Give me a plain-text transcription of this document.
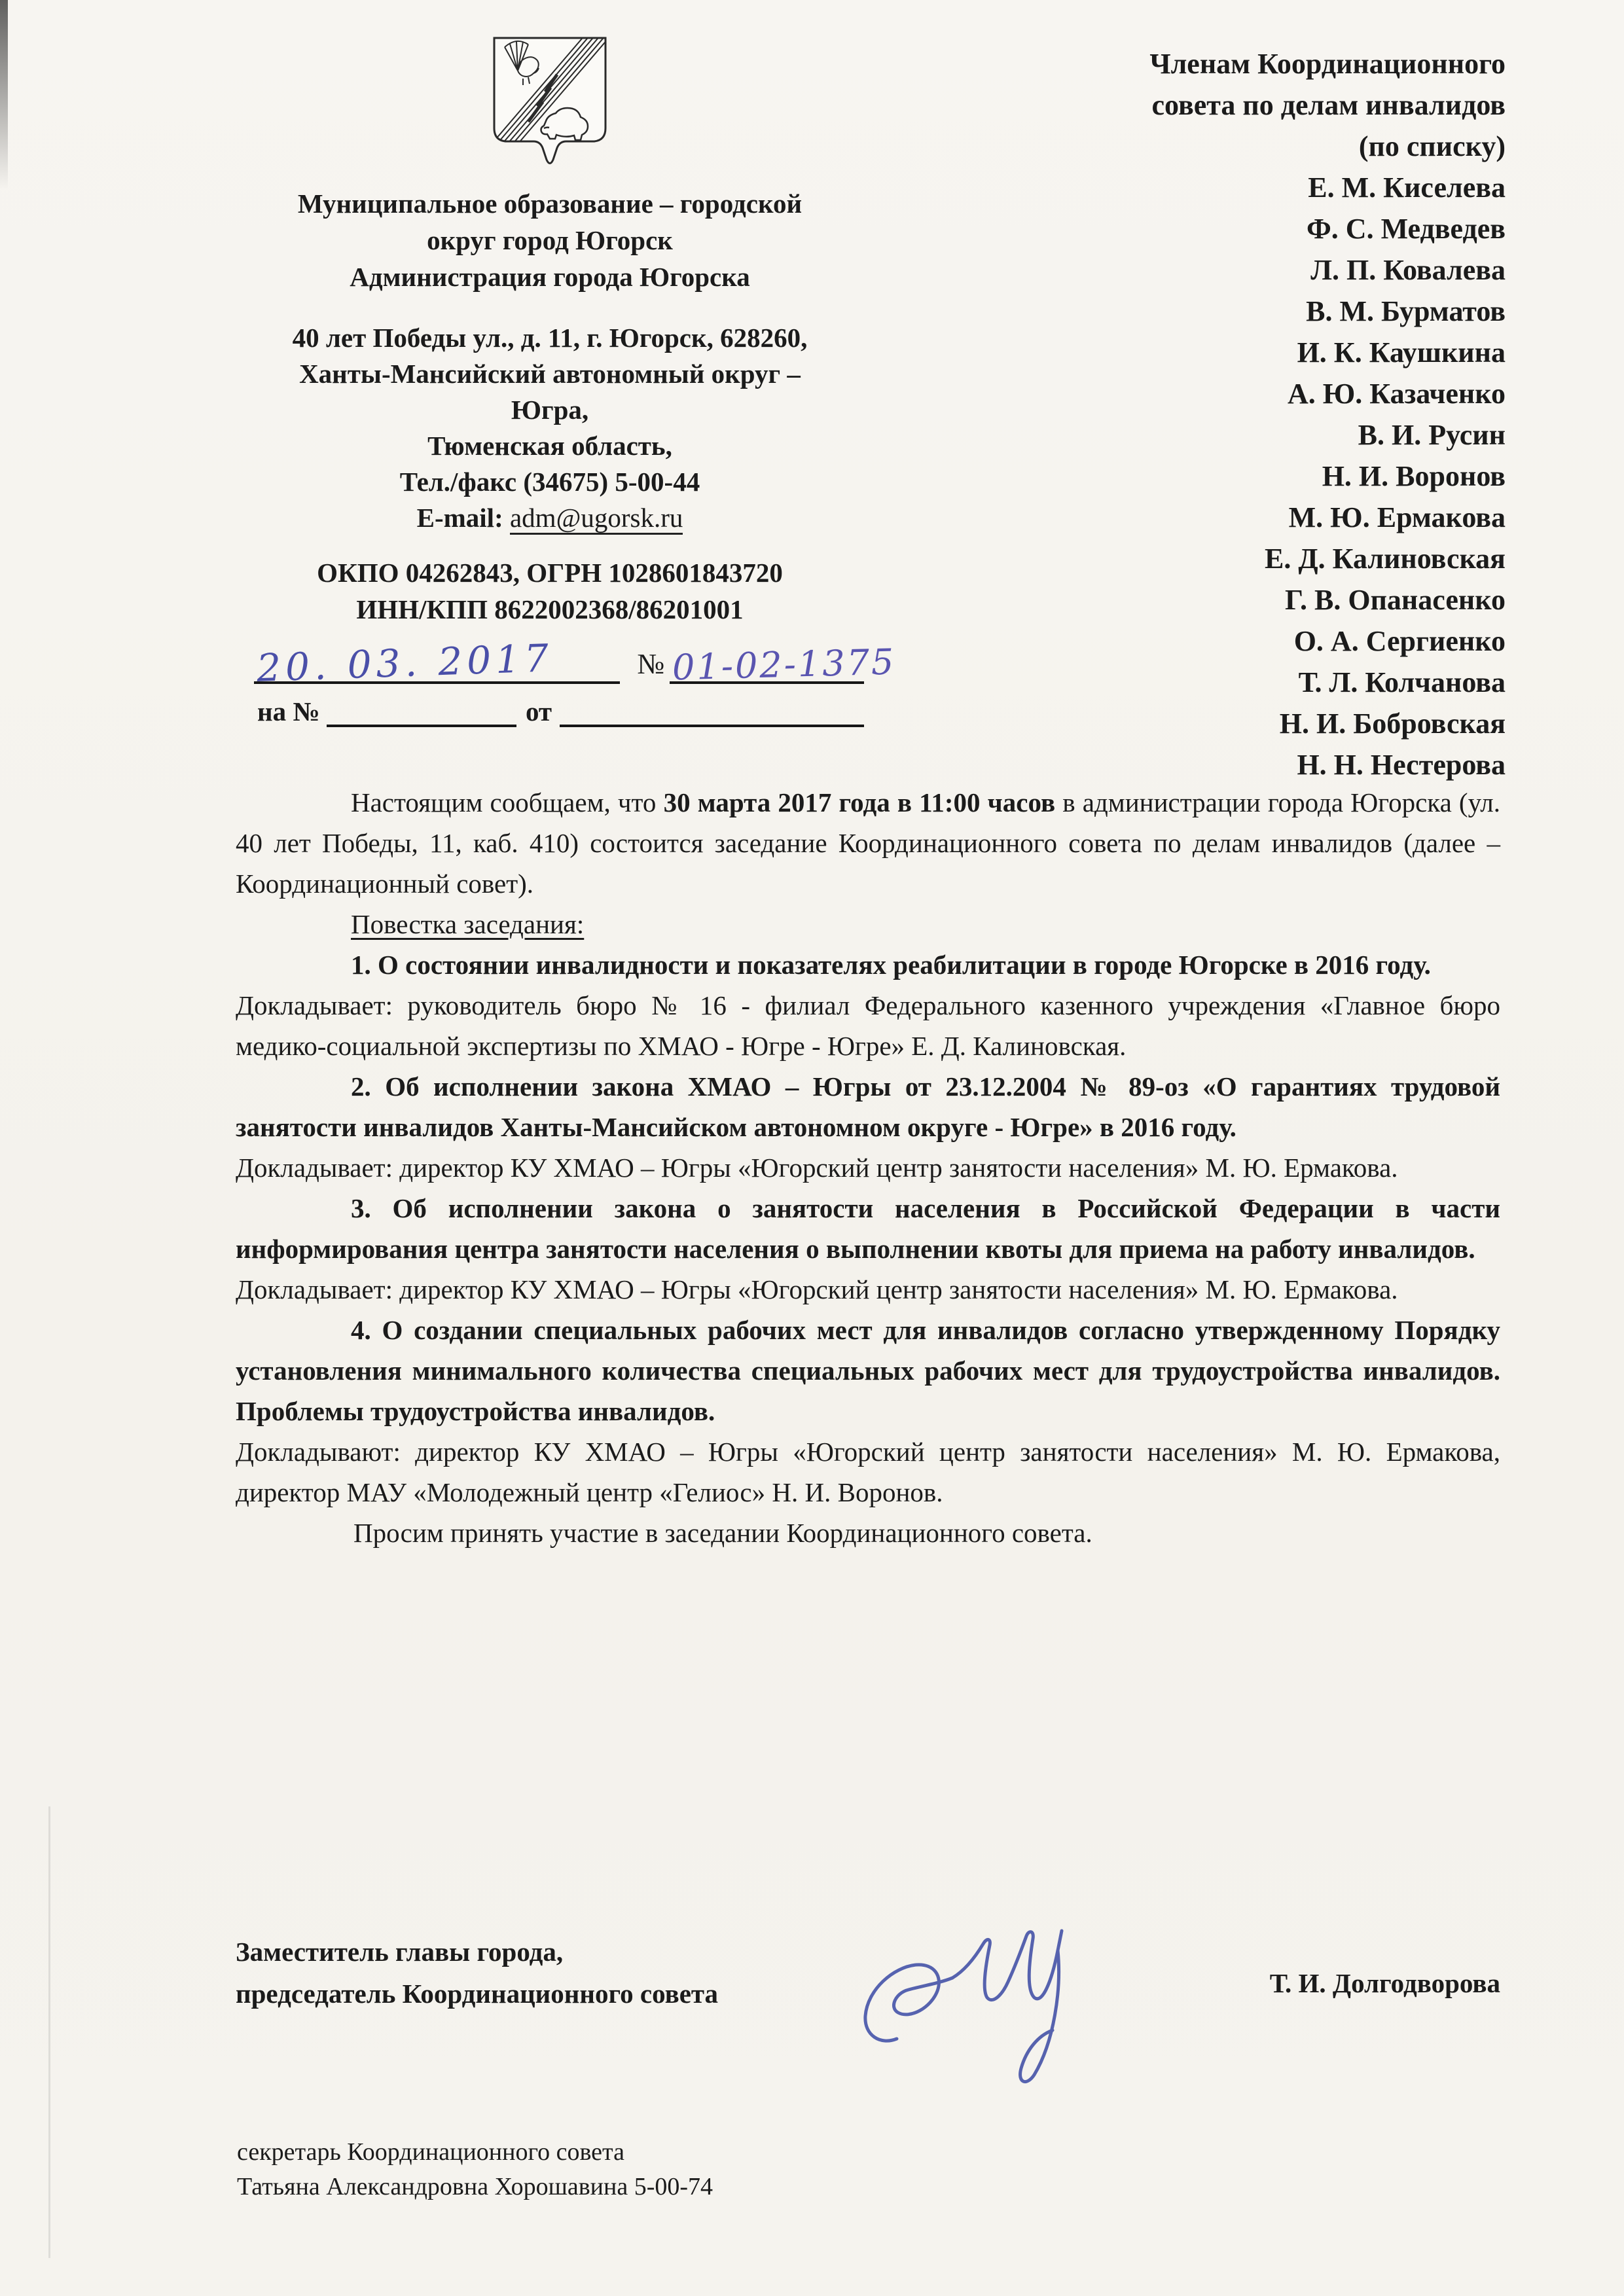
Муниципальное образование – городской
округ город Югорск
Администрация города Югорска
40 лет Победы ул., д. 11, г. Югорск, 628260,
Ханты-Мансийский автономный округ –
Югра,
Тюменская область,
Тел./факс (34675) 5-00-44
E-mail: adm@ugorsk.ru
ОКПО 04262843, ОГРН 1028601843720
ИНН/КПП 8622002368/86201001
20. 03. 2017	№ 01-02-1375
на №	от
Членам Координационного
совета по делам инвалидов
(по списку)
Е. М. Киселева
Ф. С. Медведев
Л. П. Ковалева
В. М. Бурматов
И. К. Каушкина
А. Ю. Казаченко
В. И. Русин
Н. И. Воронов
М. Ю. Ермакова
Е. Д. Калиновская
Г. В. Опанасенко
О. А. Сергиенко
Т. Л. Колчанова
Н. И. Бобровская
Н. Н. Нестерова

Настоящим сообщаем, что 30 марта 2017 года в 11:00 часов в администрации города Югорска (ул. 40 лет Победы, 11, каб. 410) состоится заседание Координационного совета по делам инвалидов (далее – Координационный совет).

Повестка заседания:

1. О состоянии инвалидности и показателях реабилитации в городе Югорске в 2016 году.

Докладывает: руководитель бюро № 16 - филиал Федерального казенного учреждения «Главное бюро медико-социальной экспертизы по ХМАО - Югре - Югре» Е. Д. Калиновская.

2. Об исполнении закона ХМАО – Югры от 23.12.2004 № 89-оз «О гарантиях трудовой занятости инвалидов Ханты-Мансийском автономном округе - Югре» в 2016 году.

Докладывает: директор КУ ХМАО – Югры «Югорский центр занятости населения» М. Ю. Ермакова.

3. Об исполнении закона о занятости населения в Российской Федерации в части информирования центра занятости населения о выполнении квоты для приема на работу инвалидов.

Докладывает: директор КУ ХМАО – Югры «Югорский центр занятости населения» М. Ю. Ермакова.

4. О создании специальных рабочих мест для инвалидов согласно утвержденному Порядку установления минимального количества специальных рабочих мест для трудоустройства инвалидов. Проблемы трудоустройства инвалидов.

Докладывают: директор КУ ХМАО – Югры «Югорский центр занятости населения» М. Ю. Ермакова, директор МАУ «Молодежный центр «Гелиос» Н. И. Воронов.

Просим принять участие в заседании Координационного совета.

Заместитель главы города,
председатель Координационного совета	Т. И. Долгодворова
секретарь Координационного совета
Татьяна Александровна Хорошавина 5-00-74
